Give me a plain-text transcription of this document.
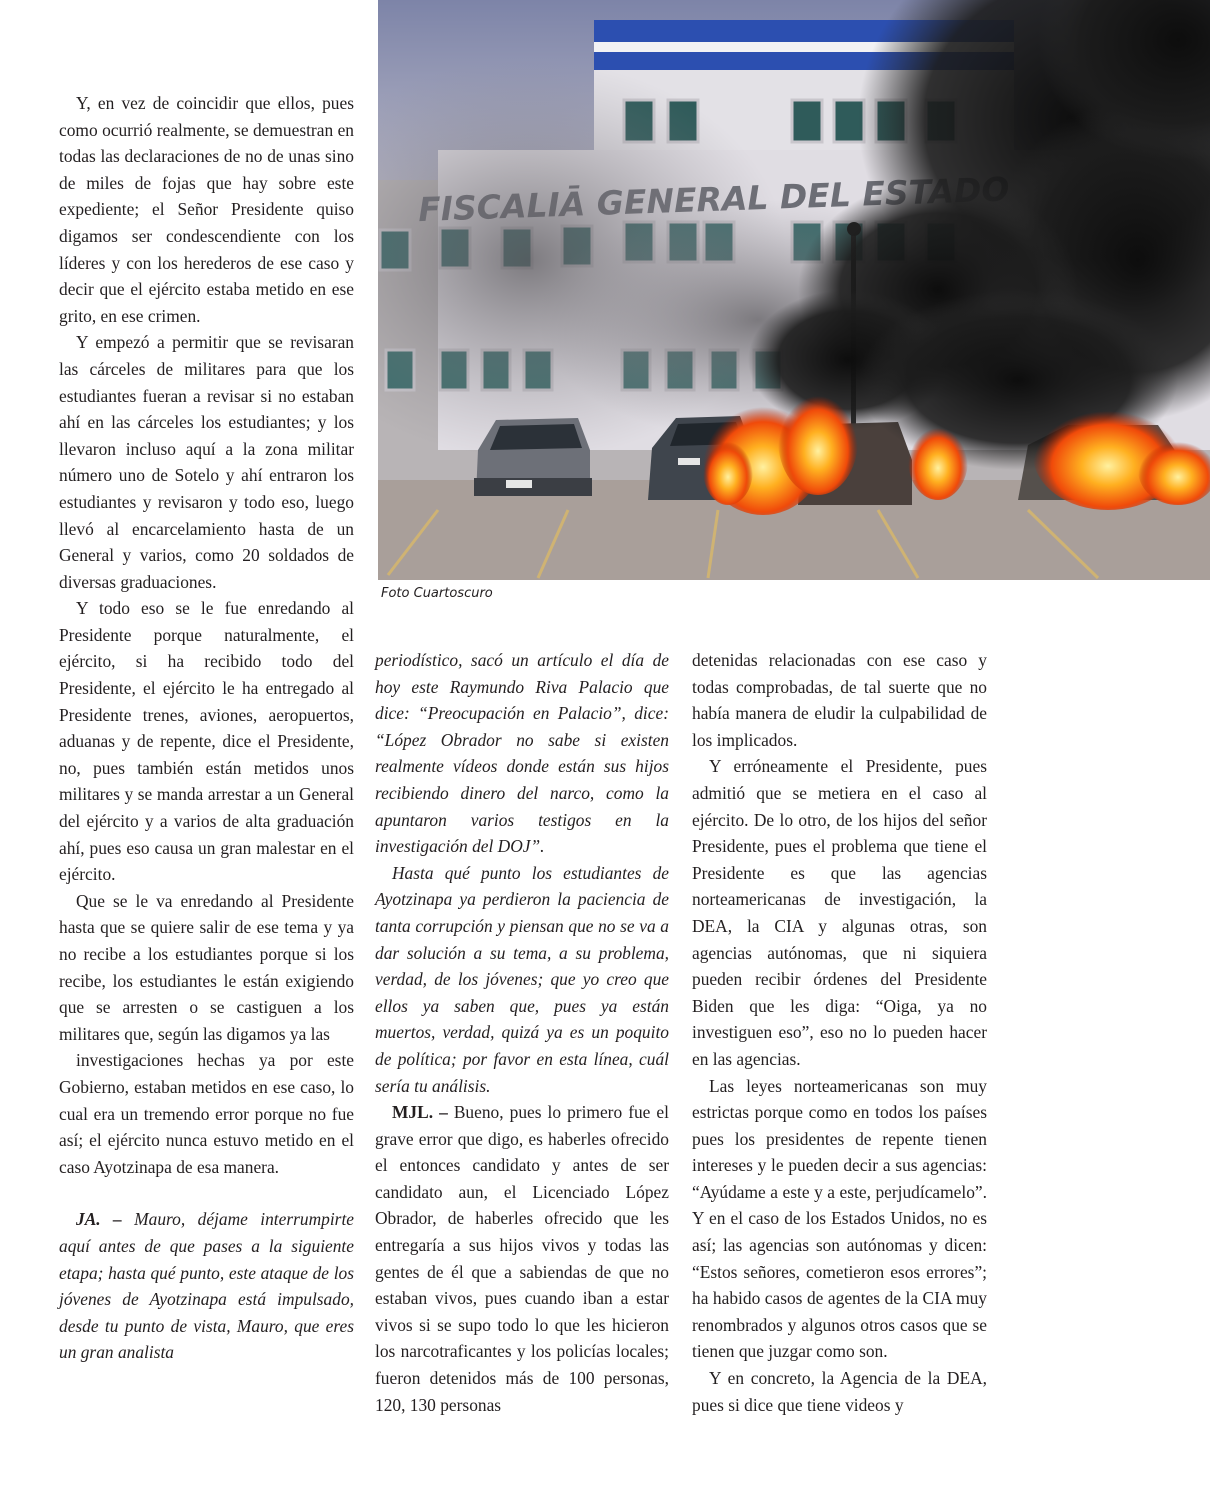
Y, en vez de coincidir que ellos, pues como ocurrió realmente, se demuestran en todas las declaraciones de no de unas sino de miles de fojas que hay sobre este expediente; el Señor Presidente quiso digamos ser condescendiente con los líderes y con los herederos de ese caso y decir que el ejército estaba metido en ese grito, en ese crimen.

Y empezó a permitir que se revisaran las cárceles de militares para que los estudiantes fueran a revisar si no estaban ahí en las cárceles los estudiantes; y los llevaron incluso aquí a la zona militar número uno de Sotelo y ahí entraron los estudiantes y revisaron y todo eso, luego llevó al encarcelamiento hasta de un General y varios, como 20 soldados de diversas graduaciones.

Y todo eso se le fue enredando al Presidente porque naturalmente, el ejército, si ha recibido todo del Presidente, el ejército le ha entregado al Presidente trenes, aviones, aeropuertos, aduanas y de repente, dice el Presidente, no, pues también están metidos unos militares y se manda arrestar a un General del ejército y a varios de alta graduación ahí, pues eso causa un gran malestar en el ejército.

Que se le va enredando al Presidente hasta que se quiere salir de ese tema y ya no recibe a los estudiantes porque si los recibe, los estudiantes le están exigiendo que se arresten o se castiguen a los militares que, según las digamos ya las

investigaciones hechas ya por este Gobierno, estaban metidos en ese caso, lo cual era un tremendo error porque no fue así; el ejército nunca estuvo metido en el caso Ayotzinapa de esa manera.

JA. – Mauro, déjame interrumpirte aquí antes de que pases a la siguiente etapa; hasta qué punto, este ataque de los jóvenes de Ayotzinapa está impulsado, desde tu punto de vista, Mauro, que eres un gran analista

DEL
Foto Cuartoscuro

periodístico, sacó un artículo el día de hoy este Raymundo Riva Palacio que dice: “Preocupación en Palacio”, dice: “López Obrador no sabe si existen realmente vídeos donde están sus hijos recibiendo dinero del narco, como la apuntaron varios testigos en la investigación del DOJ”.

Hasta qué punto los estudiantes de Ayotzinapa ya perdieron la paciencia de tanta corrupción y piensan que no se va a dar solución a su tema, a su problema, verdad, de los jóvenes; que yo creo que ellos ya saben que, pues ya están muertos, verdad, quizá ya es un poquito de política; por favor en esta línea, cuál sería tu análisis.

MJL. – Bueno, pues lo primero fue el grave error que digo, es haberles ofrecido el entonces candidato y antes de ser candidato aun, el Licenciado López Obrador, de haberles ofrecido que les entregaría a sus hijos vivos y todas las gentes de él que a sabiendas de que no estaban vivos, pues cuando iban a estar vivos si se supo todo lo que les hicieron los narcotraficantes y los policías locales; fueron detenidos más de 100 personas, 120, 130 personas

detenidas relacionadas con ese caso y todas comprobadas, de tal suerte que no había manera de eludir la culpabilidad de los implicados.

Y erróneamente el Presidente, pues admitió que se metiera en el caso al ejército. De lo otro, de los hijos del señor Presidente, pues el problema que tiene el Presidente es que las agencias norteamericanas de investigación, la DEA, la CIA y algunas otras, son agencias autónomas, que ni siquiera pueden recibir órdenes del Presidente Biden que les diga: “Oiga, ya no investiguen eso”, eso no lo pueden hacer en las agencias.

Las leyes norteamericanas son muy estrictas porque como en todos los países pues los presidentes de repente tienen intereses y le pueden decir a sus agencias: “Ayúdame a este y a este, perjudícamelo”. Y en el caso de los Estados Unidos, no es así; las agencias son autónomas y dicen: “Estos señores, cometieron esos errores”; ha habido casos de agentes de la CIA muy renombrados y algunos otros casos que se tienen que juzgar como son.

Y en concreto, la Agencia de la DEA, pues si dice que tiene videos y
